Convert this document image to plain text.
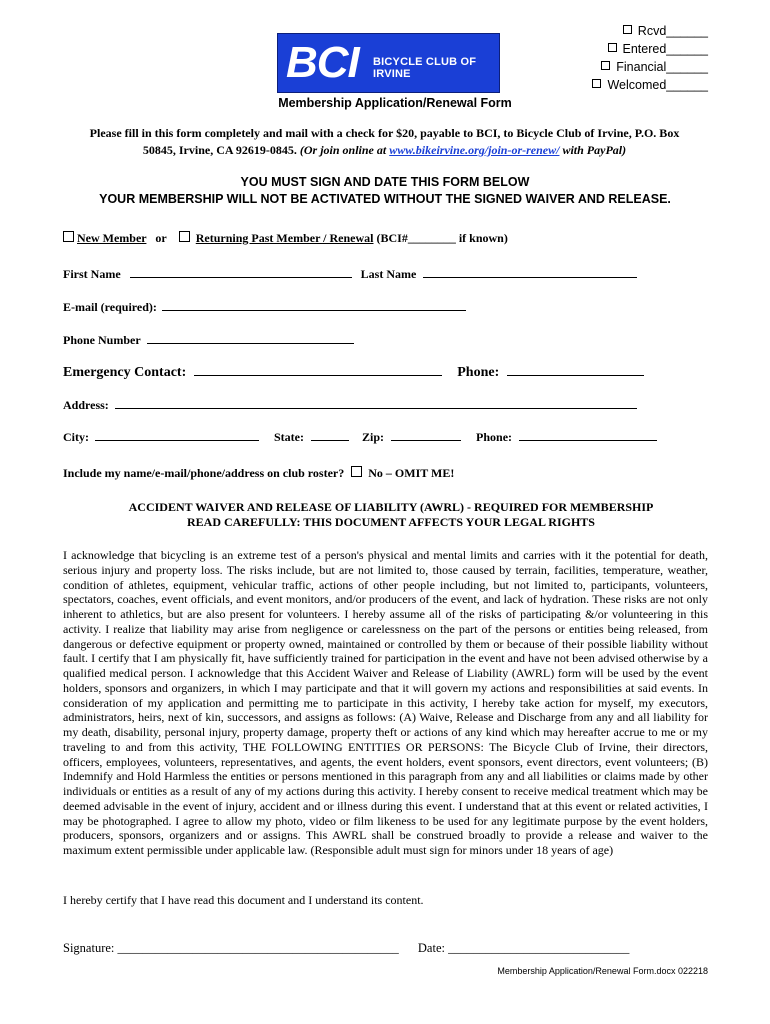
BCI BICYCLE CLUB OF IRVINE
Rcvd______
Entered______
Financial______
Welcomed______
Membership Application/Renewal Form
Please fill in this form completely and mail with a check for $20, payable to BCI, to Bicycle Club of Irvine, P.O. Box
50845, Irvine, CA 92619-0845. (Or join online at www.bikeirvine.org/join-or-renew/ with PayPal)
YOU MUST SIGN AND DATE THIS FORM BELOW
YOUR MEMBERSHIP WILL NOT BE ACTIVATED WITHOUT THE SIGNED WAIVER AND RELEASE.
New Member or Returning Past Member / Renewal (BCI#________ if known)
First Name	Last Name
E-mail (required):
Phone Number
Emergency Contact:	Phone:
Address:
City:	State:	Zip:	Phone:
Include my name/e-mail/phone/address on club roster? No – OMIT ME!
ACCIDENT WAIVER AND RELEASE OF LIABILITY (AWRL) - REQUIRED FOR MEMBERSHIP
READ CAREFULLY: THIS DOCUMENT AFFECTS YOUR LEGAL RIGHTS
I acknowledge that bicycling is an extreme test of a person's physical and mental limits and carries with it the potential for death, serious injury and property loss. The risks include, but are not limited to, those caused by terrain, facilities, temperature, weather, condition of athletes, equipment, vehicular traffic, actions of other people including, but not limited to, participants, volunteers, spectators, coaches, event officials, and event monitors, and/or producers of the event, and lack of hydration. These risks are not only inherent to athletics, but are also present for volunteers. I hereby assume all of the risks of participating &/or volunteering in this activity. I realize that liability may arise from negligence or carelessness on the part of the persons or entities being released, from dangerous or defective equipment or property owned, maintained or controlled by them or because of their possible liability without fault. I certify that I am physically fit, have sufficiently trained for participation in the event and have not been advised otherwise by a qualified medical person. I acknowledge that this Accident Waiver and Release of Liability (AWRL) form will be used by the event holders, sponsors and organizers, in which I may participate and that it will govern my actions and responsibilities at said events. In consideration of my application and permitting me to participate in this activity, I hereby take action for myself, my executors, administrators, heirs, next of kin, successors, and assigns as follows: (A) Waive, Release and Discharge from any and all liability for my death, disability, personal injury, property damage, property theft or actions of any kind which may hereafter accrue to me or my traveling to and from this activity, THE FOLLOWING ENTITIES OR PERSONS: The Bicycle Club of Irvine, their directors, officers, employees, volunteers, representatives, and agents, the event holders, event sponsors, event directors, event volunteers; (B) Indemnify and Hold Harmless the entities or persons mentioned in this paragraph from any and all liabilities or claims made by other individuals or entities as a result of any of my actions during this activity. I hereby consent to receive medical treatment which may be deemed advisable in the event of injury, accident and or illness during this event. I understand that at this event or related activities, I may be photographed. I agree to allow my photo, video or film likeness to be used for any legitimate purpose by the event holders, producers, sponsors, organizers and or assigns. This AWRL shall be construed broadly to provide a release and waiver to the maximum extent permissible under applicable law. (Responsible adult must sign for minors under 18 years of age)
I hereby certify that I have read this document and I understand its content.
Signature: _____________________________________________ Date: _____________________________
Membership Application/Renewal Form.docx 022218
